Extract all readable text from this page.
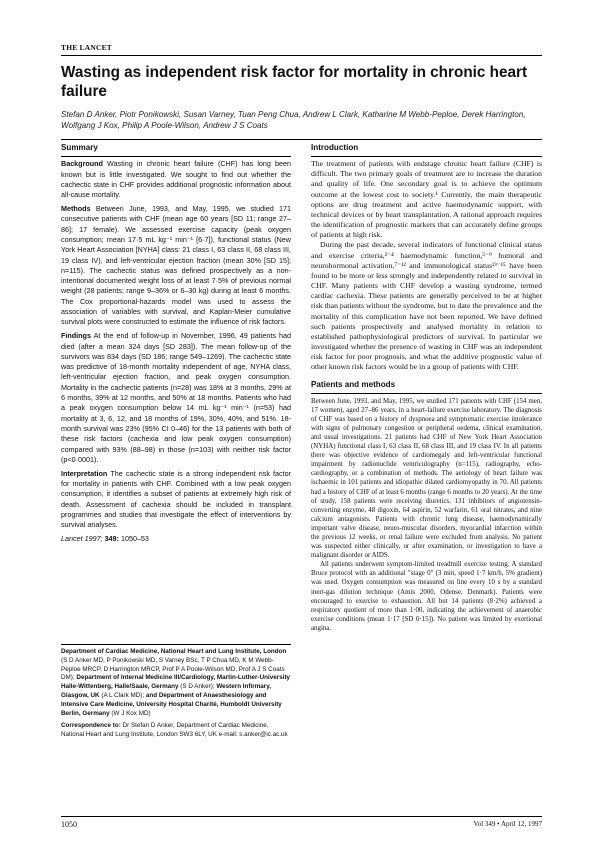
THE LANCET
Wasting as independent risk factor for mortality in chronic heart failure
Stefan D Anker, Piotr Ponikowski, Susan Varney, Tuan Peng Chua, Andrew L Clark, Katharine M Webb-Peploe, Derek Harrington, Wolfgang J Kox, Philip A Poole-Wilson, Andrew J S Coats
Summary

Background Wasting in chronic heart failure (CHF) has long been known but is little investigated. We sought to find out whether the cachectic state in CHF provides additional prognostic information about all-cause mortality.

Methods Between June, 1993, and May, 1995, we studied 171 consecutive patients with CHF (mean age 60 years [SD 11; range 27–86]; 17 female). We assessed exercise capacity (peak oxygen consumption; mean 17·5 mL kg⁻¹ min⁻¹ [6·7]), functional status (New York Heart Association [NYHA] class: 21 class I, 63 class II, 68 class III, 19 class IV), and left-ventricular ejection fraction (mean 30% [SD 15]; n=115). The cachectic status was defined prospectively as a non-intentional documented weight loss of at least 7·5% of previous normal weight (28 patients; range 9–36% or 6–30 kg) during at least 6 months. The Cox proportional-hazards model was used to assess the association of variables with survival, and Kaplan-Meier cumulative survival plots were constructed to estimate the influence of risk factors.

Findings At the end of follow-up in November, 1996, 49 patients had died (after a mean 324 days [SD 283]). The mean follow-up of the survivors was 834 days (SD 186; range 549–1269). The cachectic state was predictive of 18-month mortality independent of age, NYHA class, left-ventricular ejection fraction, and peak oxygen consumption. Mortality in the cachectic patients (n=28) was 18% at 3 months, 29% at 6 months, 39% at 12 months, and 50% at 18 months. Patients who had a peak oxygen consumption below 14 mL kg⁻¹ min⁻¹ (n=53) had mortality at 3, 6, 12, and 18 months of 19%, 30%, 40%, and 51%. 18-month survival was 23% (95% CI 0–46) for the 13 patients with both of these risk factors (cachexia and low peak oxygen consumption) compared with 93% (88–98) in those (n=103) with neither risk factor (p<0·0001).

Interpretation The cachectic state is a strong independent risk factor for mortality in patients with CHF. Combined with a low peak oxygen consumption, it identifies a subset of patients at extremely high risk of death. Assessment of cachexia should be included in transplant programmes and studies that investigate the effect of interventions by survival analyses.

Lancet 1997; 349: 1050–53

Department of Cardiac Medicine, National Heart and Lung Institute, London (S D Anker MD, P Ponikowski MD, S Varney BSc, T P Chua MD, K M Webb-Peploe MRCP, D Harrington MRCP, Prof P A Poole-Wilson MD, Prof A J S Coats DM); Department of Internal Medicine III/Cardiology, Martin-Luther-University Halle-Wittenberg, Halle/Saale, Germany (S D Anker); Western Infirmary, Glasgow, UK (A L Clark MD); and Department of Anaesthesiology and Intensive Care Medicine, University Hospital Charité, Humboldt University Berlin, Germany (W J Kox MD)

Correspondence to: Dr Stefan D Anker, Department of Cardiac Medicine, National Heart and Lung Institute, London SW3 6LY, UK e-mail: s.anker@ic.ac.uk

Introduction

The treatment of patients with endstage chronic heart failure (CHF) is difficult. The two primary goals of treatment are to increase the duration and quality of life. One secondary goal is to achieve the optimum outcome at the lowest cost to society.¹ Currently, the main therapeutic options are drug treatment and active haemodynamic support, with technical devices or by heart transplantation. A rational approach requires the identification of prognostic markers that can accurately define groups of patients at high risk.

During the past decade, several indicators of functional clinical status and exercise criteria,²⁻⁴ haemodynamic function,⁵⁻⁹ humoral and neurohormonal activation,⁷⁻¹² and immunological status¹³⁻¹⁵ have been found to be more or less strongly and independently related to survival in CHF. Many patients with CHF develop a wasting syndrome, termed cardiac cachexia. These patients are generally perceived to be at higher risk than patients without the syndrome, but to date the prevalence and the mortality of this complication have not been reported. We have defined such patients prospectively and analysed mortality in relation to established pathophysiological predictors of survival. In particular we investigated whether the presence of wasting in CHF was an independent risk factor for poor prognosis, and what the additive prognostic value of other known risk factors would be in a group of patients with CHF.

Patients and methods

Between June, 1993, and May, 1995, we studied 171 patients with CHF (154 men, 17 women), aged 27–86 years, in a heart-failure exercise laboratory. The diagnosis of CHF was based on a history of dyspnoea and symptomatic exercise intolerance with signs of pulmonary congestion or peripheral oedema, clinical examination, and usual investigations. 21 patients had CHF of New York Heart Association (NYHA) functional class I, 63 class II, 68 class III, and 19 class IV. In all patients there was objective evidence of cardiomegaly and left-ventricular functional impairment by radionuclide ventriculography (n=115), radiography, echo-cardiography, or a combination of methods. The aetiology of heart failure was ischaemic in 101 patients and idiopathic dilated cardiomyopathy in 70. All patients had a history of CHF of at least 6 months (range 6 months to 20 years). At the time of study, 158 patients were receiving diuretics, 131 inhibitors of angiotensin-converting enzyme, 48 digoxin, 64 aspirin, 52 warfarin, 61 oral nitrates, and nine calcium antagonists. Patients with chronic lung disease, haemodynamically important valve disease, neuro-muscular disorders, myocardial infarction within the previous 12 weeks, or renal failure were excluded from analysis. No patient was suspected either clinically, or after examination, or investigation to have a malignant disorder or AIDS.

All patients underwent symptom-limited treadmill exercise testing. A standard Bruce protocol with an additional "stage 0" (3 min, speed 1·7 km/h, 5% gradient) was used. Oxygen consumption was measured on line every 10 s by a standard inert-gas dilution technique (Amis 2000, Odense, Denmark). Patients were encouraged to exercise to exhaustion. All but 14 patients (8·2%) achieved a respiratory quotient of more than 1·00, indicating the achievement of anaerobic exercise conditions (mean 1·17 [SD 0·15]). No patient was limited by exertional angina.

1050	Vol 349 • April 12, 1997
